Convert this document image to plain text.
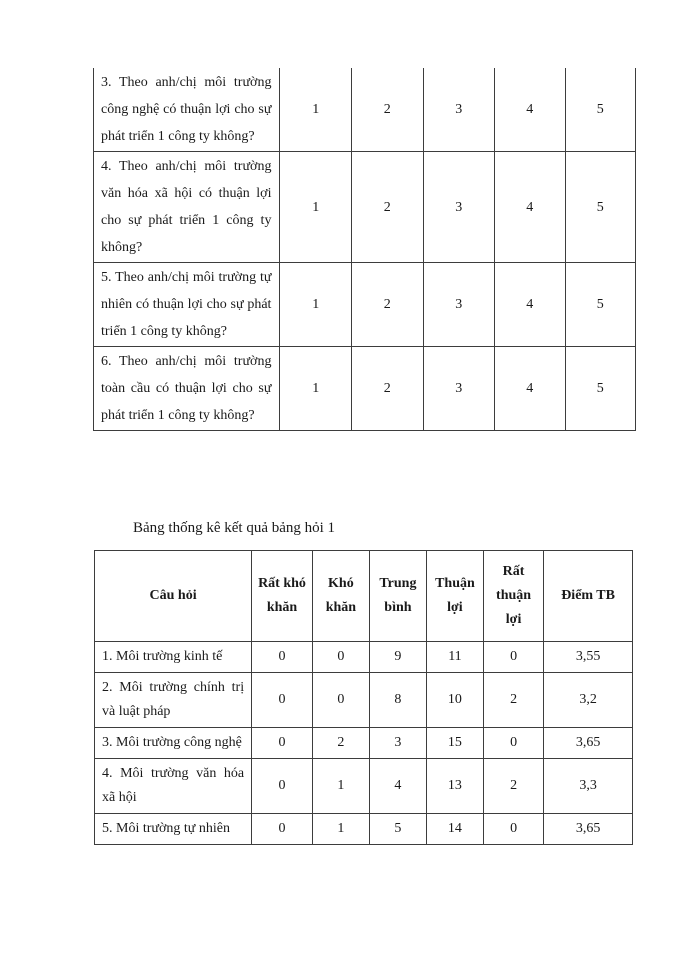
3. Theo anh/chị môi trường công nghệ có thuận lợi cho sự phát triển 1 công ty không?	1	2	3	4	5
4. Theo anh/chị môi trường văn hóa xã hội có thuận lợi cho sự phát triển 1 công ty không?	1	2	3	4	5
5. Theo anh/chị môi trường tự nhiên có thuận lợi cho sự phát triển 1 công ty không?	1	2	3	4	5
6. Theo anh/chị môi trường toàn cầu có thuận lợi cho sự phát triển 1 công ty không?	1	2	3	4	5
Bảng thống kê kết quả bảng hỏi 1
Câu hỏi	Rất khó khăn	Khó khăn	Trung bình	Thuận lợi	Rất thuận lợi	Điểm TB
1. Môi trường kinh tế	0	0	9	11	0	3,55
2. Môi trường chính trị và luật pháp	0	0	8	10	2	3,2
3. Môi trường công nghệ	0	2	3	15	0	3,65
4. Môi trường văn hóa xã hội	0	1	4	13	2	3,3
5. Môi trường tự nhiên	0	1	5	14	0	3,65
